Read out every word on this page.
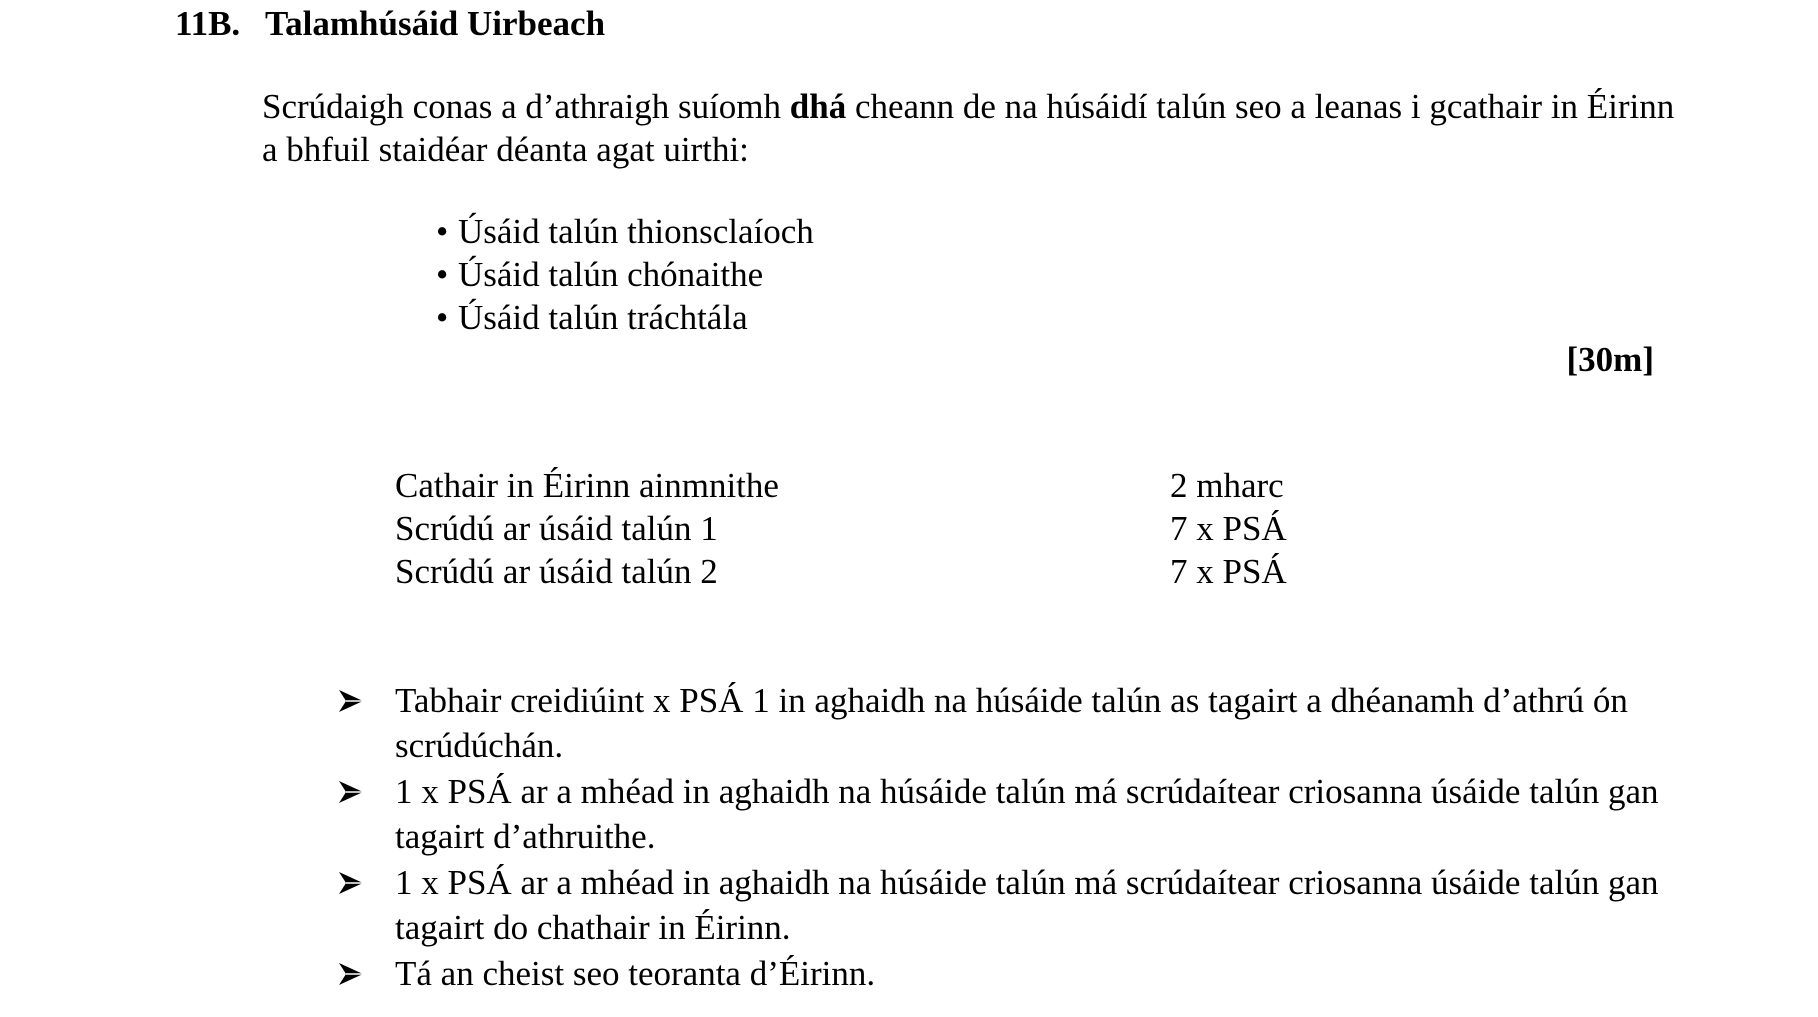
11B. Talamhúsáid Uirbeach
Scrúdaigh conas a d’athraigh suíomh dhá cheann de na húsáidí talún seo a leanas i gcathair in Éirinn a bhfuil staidéar déanta agat uirthi:
• Úsáid talún thionsclaíoch
• Úsáid talún chónaithe
• Úsáid talún tráchtála
[30m]
Cathair in Éirinn ainmnithe	2 mharc
Scrúdú ar úsáid talún 1	7 x PSÁ
Scrúdú ar úsáid talún 2	7 x PSÁ
Tabhair creidiúint x PSÁ 1 in aghaidh na húsáide talún as tagairt a dhéanamh d’athrú ón scrúdúchán.
1 x PSÁ ar a mhéad in aghaidh na húsáide talún má scrúdaítear criosanna úsáide talún gan tagairt d’athruithe.
1 x PSÁ ar a mhéad in aghaidh na húsáide talún má scrúdaítear criosanna úsáide talún gan tagairt do chathair in Éirinn.
Tá an cheist seo teoranta d’Éirinn.
